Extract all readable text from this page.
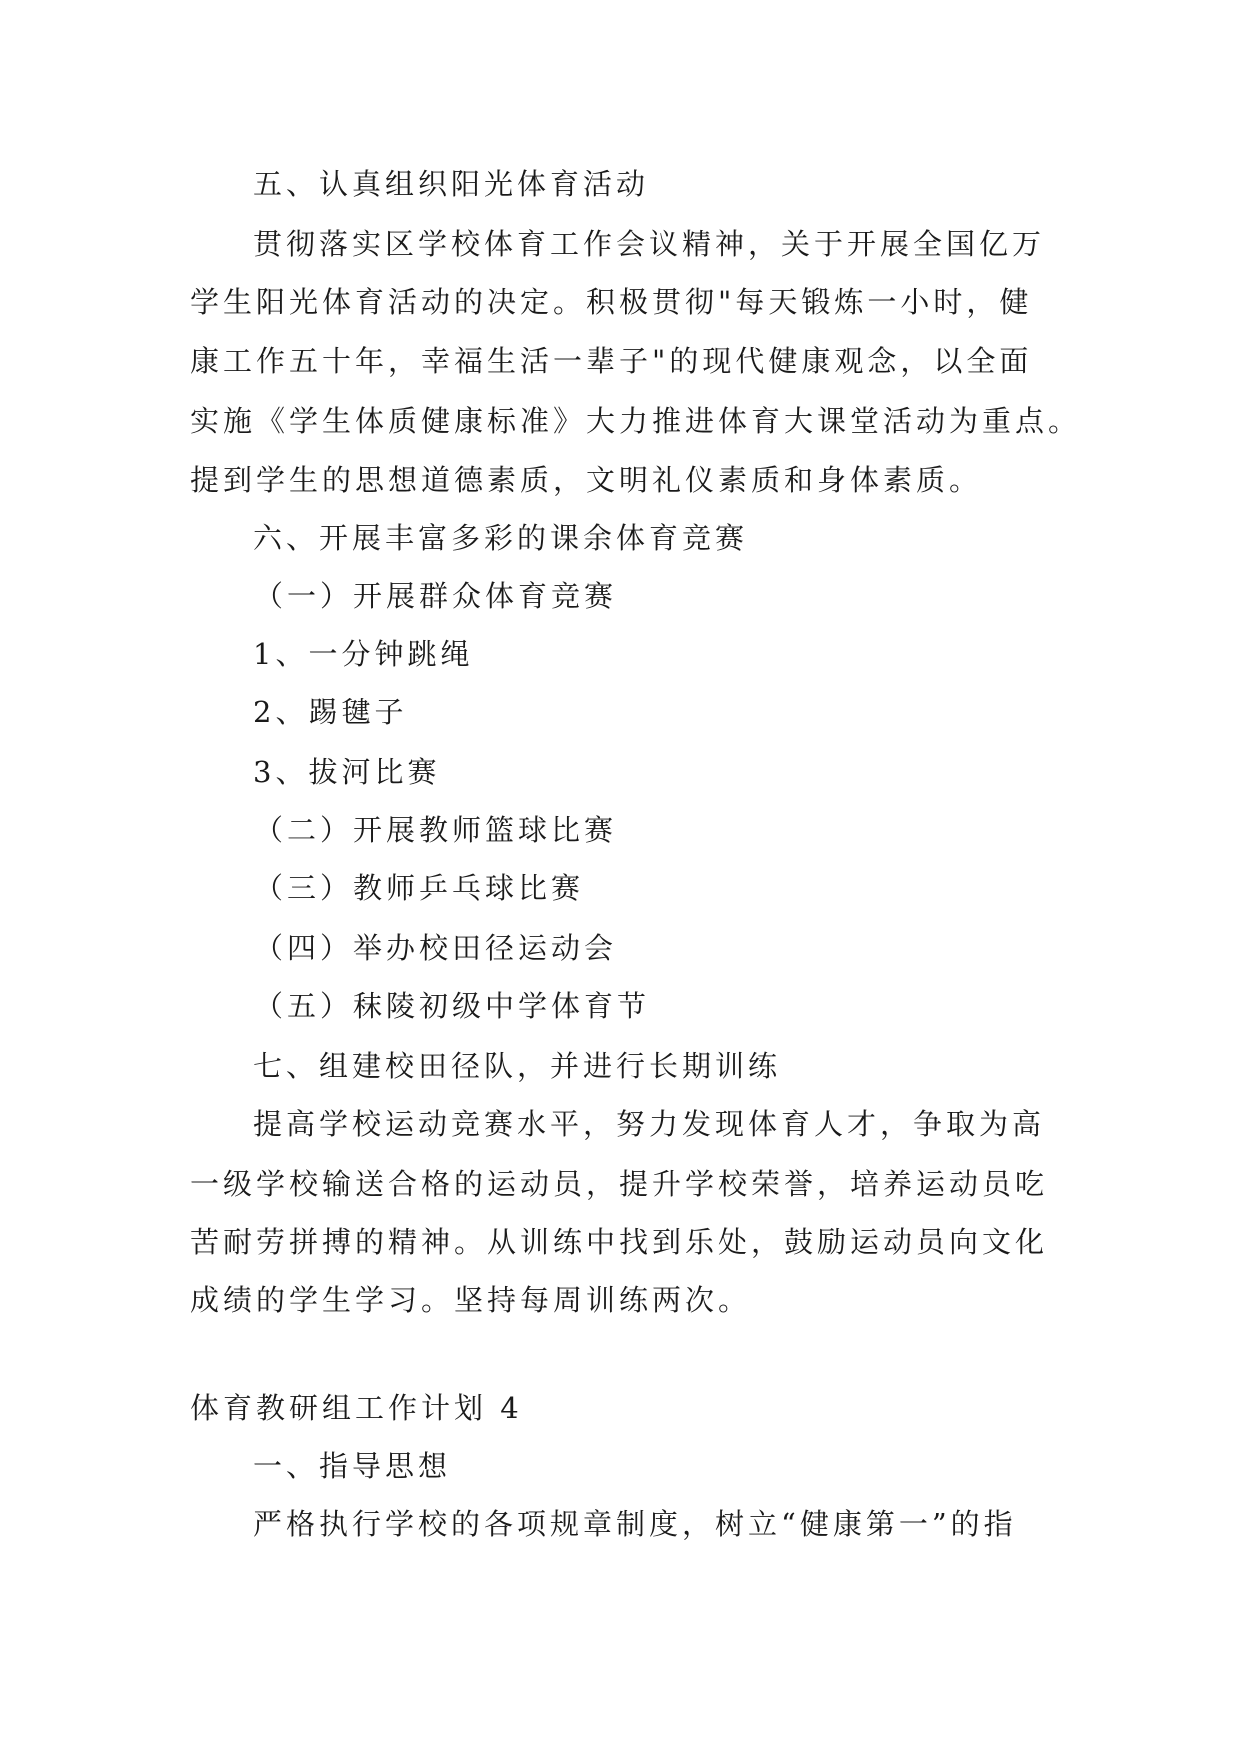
五、认真组织阳光体育活动
贯彻落实区学校体育工作会议精神，关于开展全国亿万
学生阳光体育活动的决定。积极贯彻"每天锻炼一小时，健
康工作五十年，幸福生活一辈子"的现代健康观念，以全面
实施《学生体质健康标准》大力推进体育大课堂活动为重点。
提到学生的思想道德素质，文明礼仪素质和身体素质。
六、开展丰富多彩的课余体育竞赛
（一）开展群众体育竞赛
1、一分钟跳绳
2、踢毽子
3、拔河比赛
（二）开展教师篮球比赛
（三）教师乒乓球比赛
（四）举办校田径运动会
（五）秣陵初级中学体育节
七、组建校田径队，并进行长期训练
提高学校运动竞赛水平，努力发现体育人才，争取为高
一级学校输送合格的运动员，提升学校荣誉，培养运动员吃
苦耐劳拼搏的精神。从训练中找到乐处，鼓励运动员向文化
成绩的学生学习。坚持每周训练两次。
体育教研组工作计划 4
一、指导思想
严格执行学校的各项规章制度，树立“健康第一”的指
